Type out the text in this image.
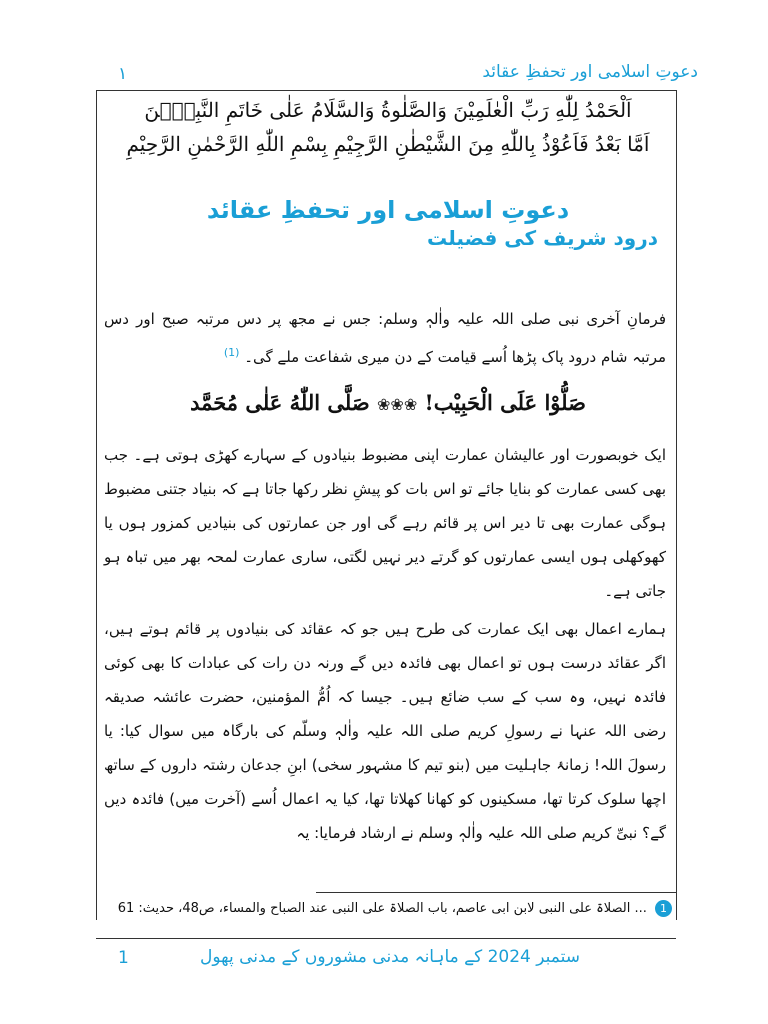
دعوتِ اسلامی اور تحفظِ عقائد
۱
اَلْحَمْدُ لِلّٰهِ رَبِّ الْعٰلَمِیْنَ وَالصَّلٰوةُ وَالسَّلَامُ عَلٰی خَاتَمِ النَّبِیّٖنَ
اَمَّا بَعْدُ فَاَعُوْذُ بِاللّٰهِ مِنَ الشَّیْطٰنِ الرَّجِیْمِ بِسْمِ اللّٰهِ الرَّحْمٰنِ الرَّحِیْمِ
دعوتِ اسلامی اور تحفظِ عقائد
درود شریف کی فضیلت
فرمانِ آخری نبی صلی اللہ علیہ واٰلہٖ وسلم: جس نے مجھ پر دس مرتبہ صبح اور دس مرتبہ شام درود پاک پڑھا اُسے قیامت کے دن میری شفاعت ملے گی۔ $^{(1)}$
صَلُّوْا عَلَی الْحَبِیْب! ❀❀❀ صَلَّی اللّٰهُ عَلٰی مُحَمَّد
ایک خوبصورت اور عالیشان عمارت اپنی مضبوط بنیادوں کے سہارے کھڑی ہوتی ہے۔ جب بھی کسی عمارت کو بنایا جائے تو اس بات کو پیشِ نظر رکھا جاتا ہے کہ بنیاد جتنی مضبوط ہوگی عمارت بھی تا دیر اس پر قائم رہے گی اور جن عمارتوں کی بنیادیں کمزور ہوں یا کھوکھلی ہوں ایسی عمارتوں کو گرتے دیر نہیں لگتی، ساری عمارت لمحہ بھر میں تباہ ہو جاتی ہے۔
ہمارے اعمال بھی ایک عمارت کی طرح ہیں جو کہ عقائد کی بنیادوں پر قائم ہوتے ہیں، اگر عقائد درست ہوں تو اعمال بھی فائدہ دیں گے ورنہ دن رات کی عبادات کا بھی کوئی فائدہ نہیں، وہ سب کے سب ضائع ہیں۔ جیسا کہ اُمُّ المؤمنین، حضرت عائشہ صدیقہ رضی اللہ عنہا نے رسولِ کریم صلی اللہ علیہ واٰلہٖ وسلّم کی بارگاہ میں سوال کیا: یا رسولَ اللہ! زمانۂ جاہلیت میں (بنو تیم کا مشہور سخی) ابنِ جدعان رشتہ داروں کے ساتھ اچھا سلوک کرتا تھا، مسکینوں کو کھانا کھلاتا تھا، کیا یہ اعمال اُسے (آخرت میں) فائدہ دیں گے؟ نبیِّ کریم صلی اللہ علیہ واٰلہٖ وسلم نے ارشاد فرمایا: یہ
1 ... الصلاۃ علی النبی لابن ابی عاصم، باب الصلاۃ علی النبی عند الصباح والمساء، ص48، حدیث: 61
ستمبر 2024 کے ماہانہ مدنی مشوروں کے مدنی پھول
1
